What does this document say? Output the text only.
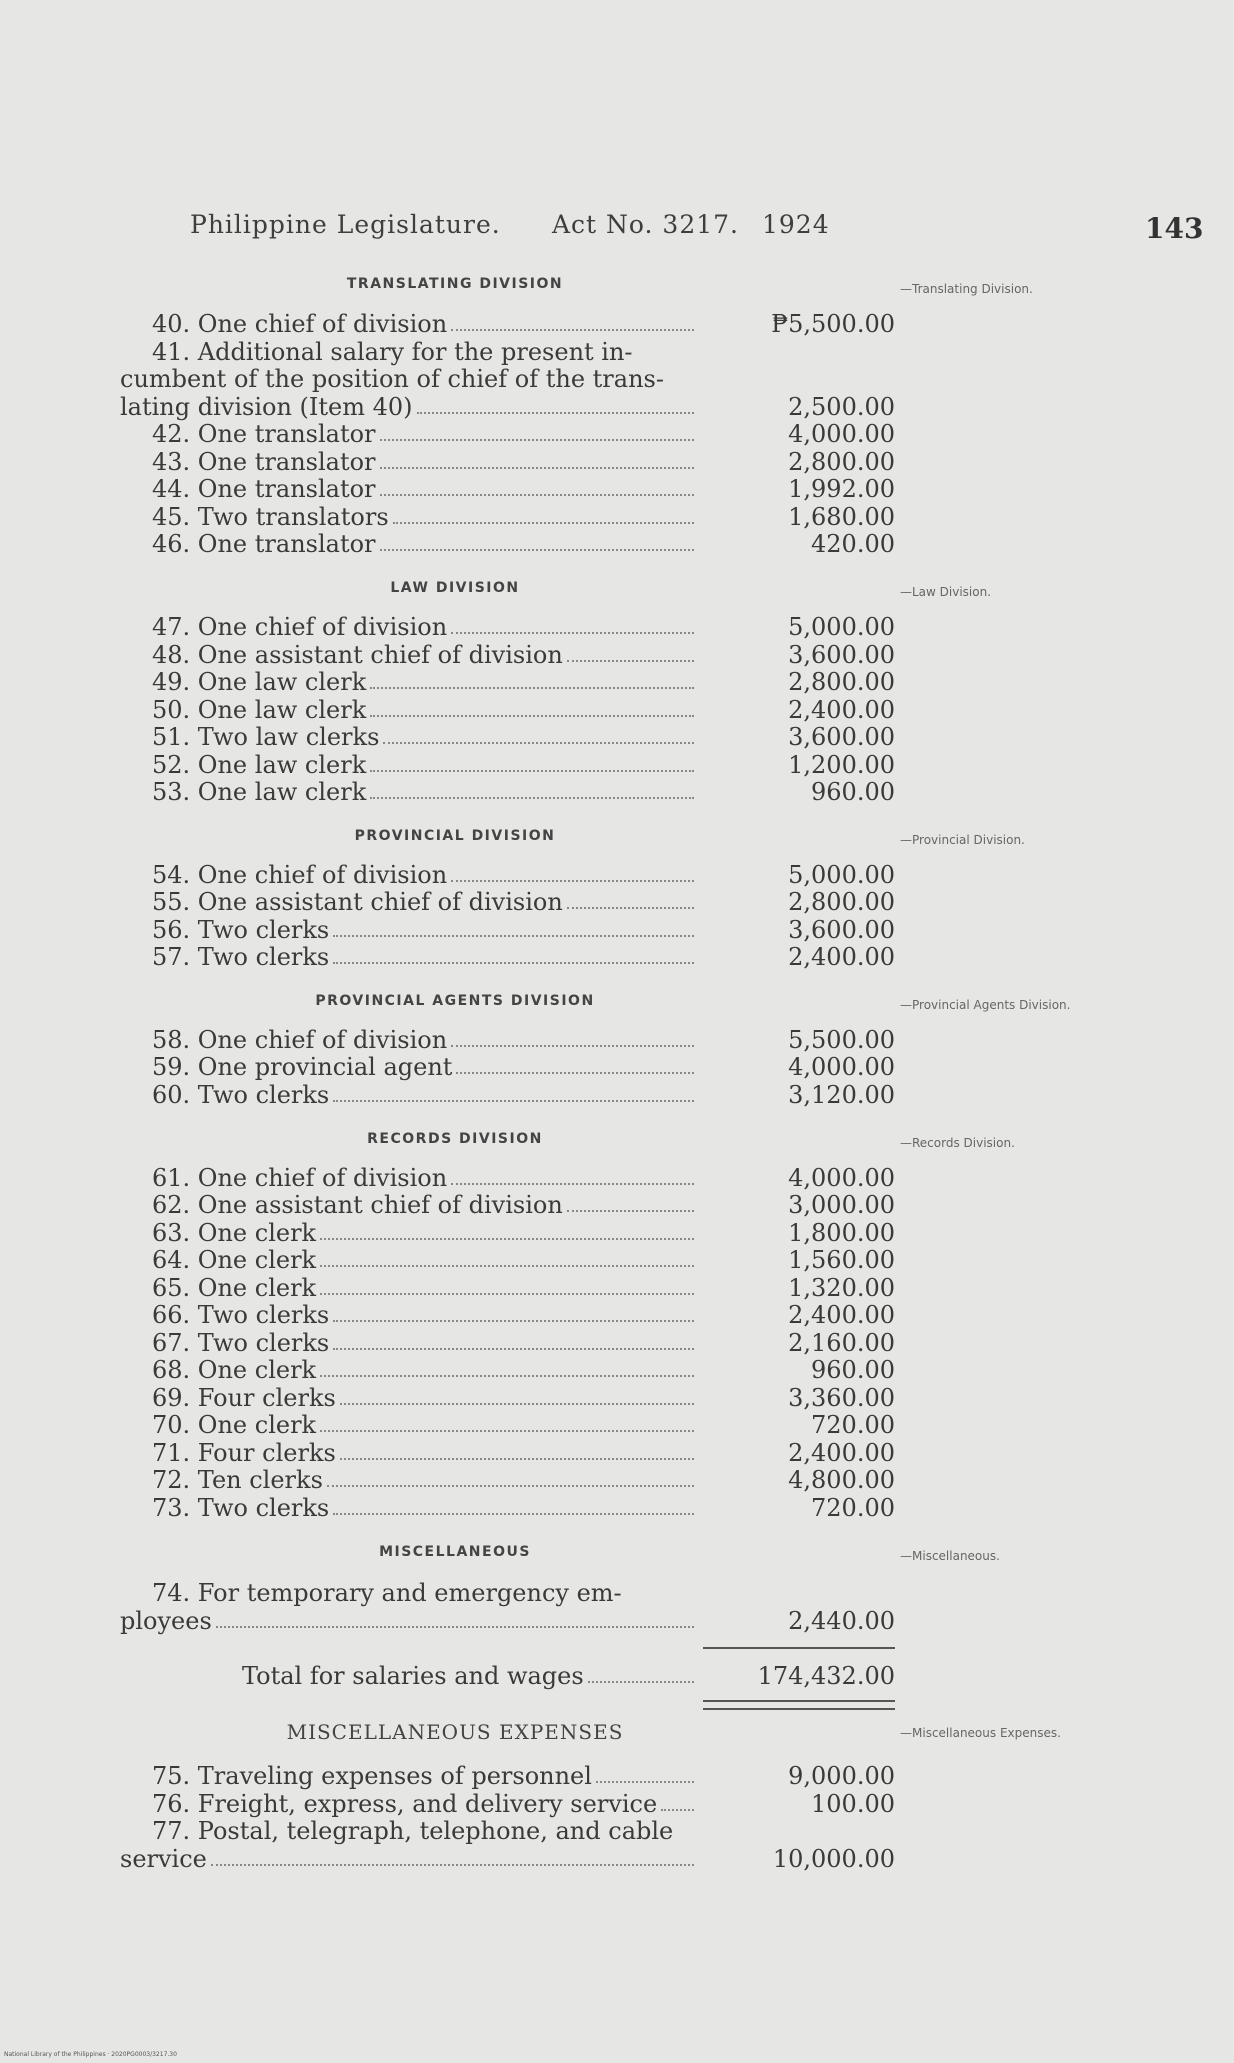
Philippine Legislature. Act No. 3217. 1924	143
TRANSLATING DIVISION	—Translating Division.
40. One chief of division	₱5,500.00
41. Additional salary for the present in-
cumbent of the position of chief of the trans-
lating division (Item 40)	2,500.00
42. One translator	4,000.00
43. One translator	2,800.00
44. One translator	1,992.00
45. Two translators	1,680.00
46. One translator	420.00
LAW DIVISION	—Law Division.
47. One chief of division	5,000.00
48. One assistant chief of division	3,600.00
49. One law clerk	2,800.00
50. One law clerk	2,400.00
51. Two law clerks	3,600.00
52. One law clerk	1,200.00
53. One law clerk	960.00
PROVINCIAL DIVISION	—Provincial Division.
54. One chief of division	5,000.00
55. One assistant chief of division	2,800.00
56. Two clerks	3,600.00
57. Two clerks	2,400.00
PROVINCIAL AGENTS DIVISION	—Provincial Agents Division.
58. One chief of division	5,500.00
59. One provincial agent	4,000.00
60. Two clerks	3,120.00
RECORDS DIVISION	—Records Division.
61. One chief of division	4,000.00
62. One assistant chief of division	3,000.00
63. One clerk	1,800.00
64. One clerk	1,560.00
65. One clerk	1,320.00
66. Two clerks	2,400.00
67. Two clerks	2,160.00
68. One clerk	960.00
69. Four clerks	3,360.00
70. One clerk	720.00
71. Four clerks	2,400.00
72. Ten clerks	4,800.00
73. Two clerks	720.00
MISCELLANEOUS	—Miscellaneous.
74. For temporary and emergency em-
ployees	2,440.00
Total for salaries and wages	174,432.00
MISCELLANEOUS EXPENSES	—Miscellaneous Expenses.
75. Traveling expenses of personnel	9,000.00
76. Freight, express, and delivery service	100.00
77. Postal, telegraph, telephone, and cable
service	10,000.00
National Library of the Philippines · 2020PG0003/3217.30
